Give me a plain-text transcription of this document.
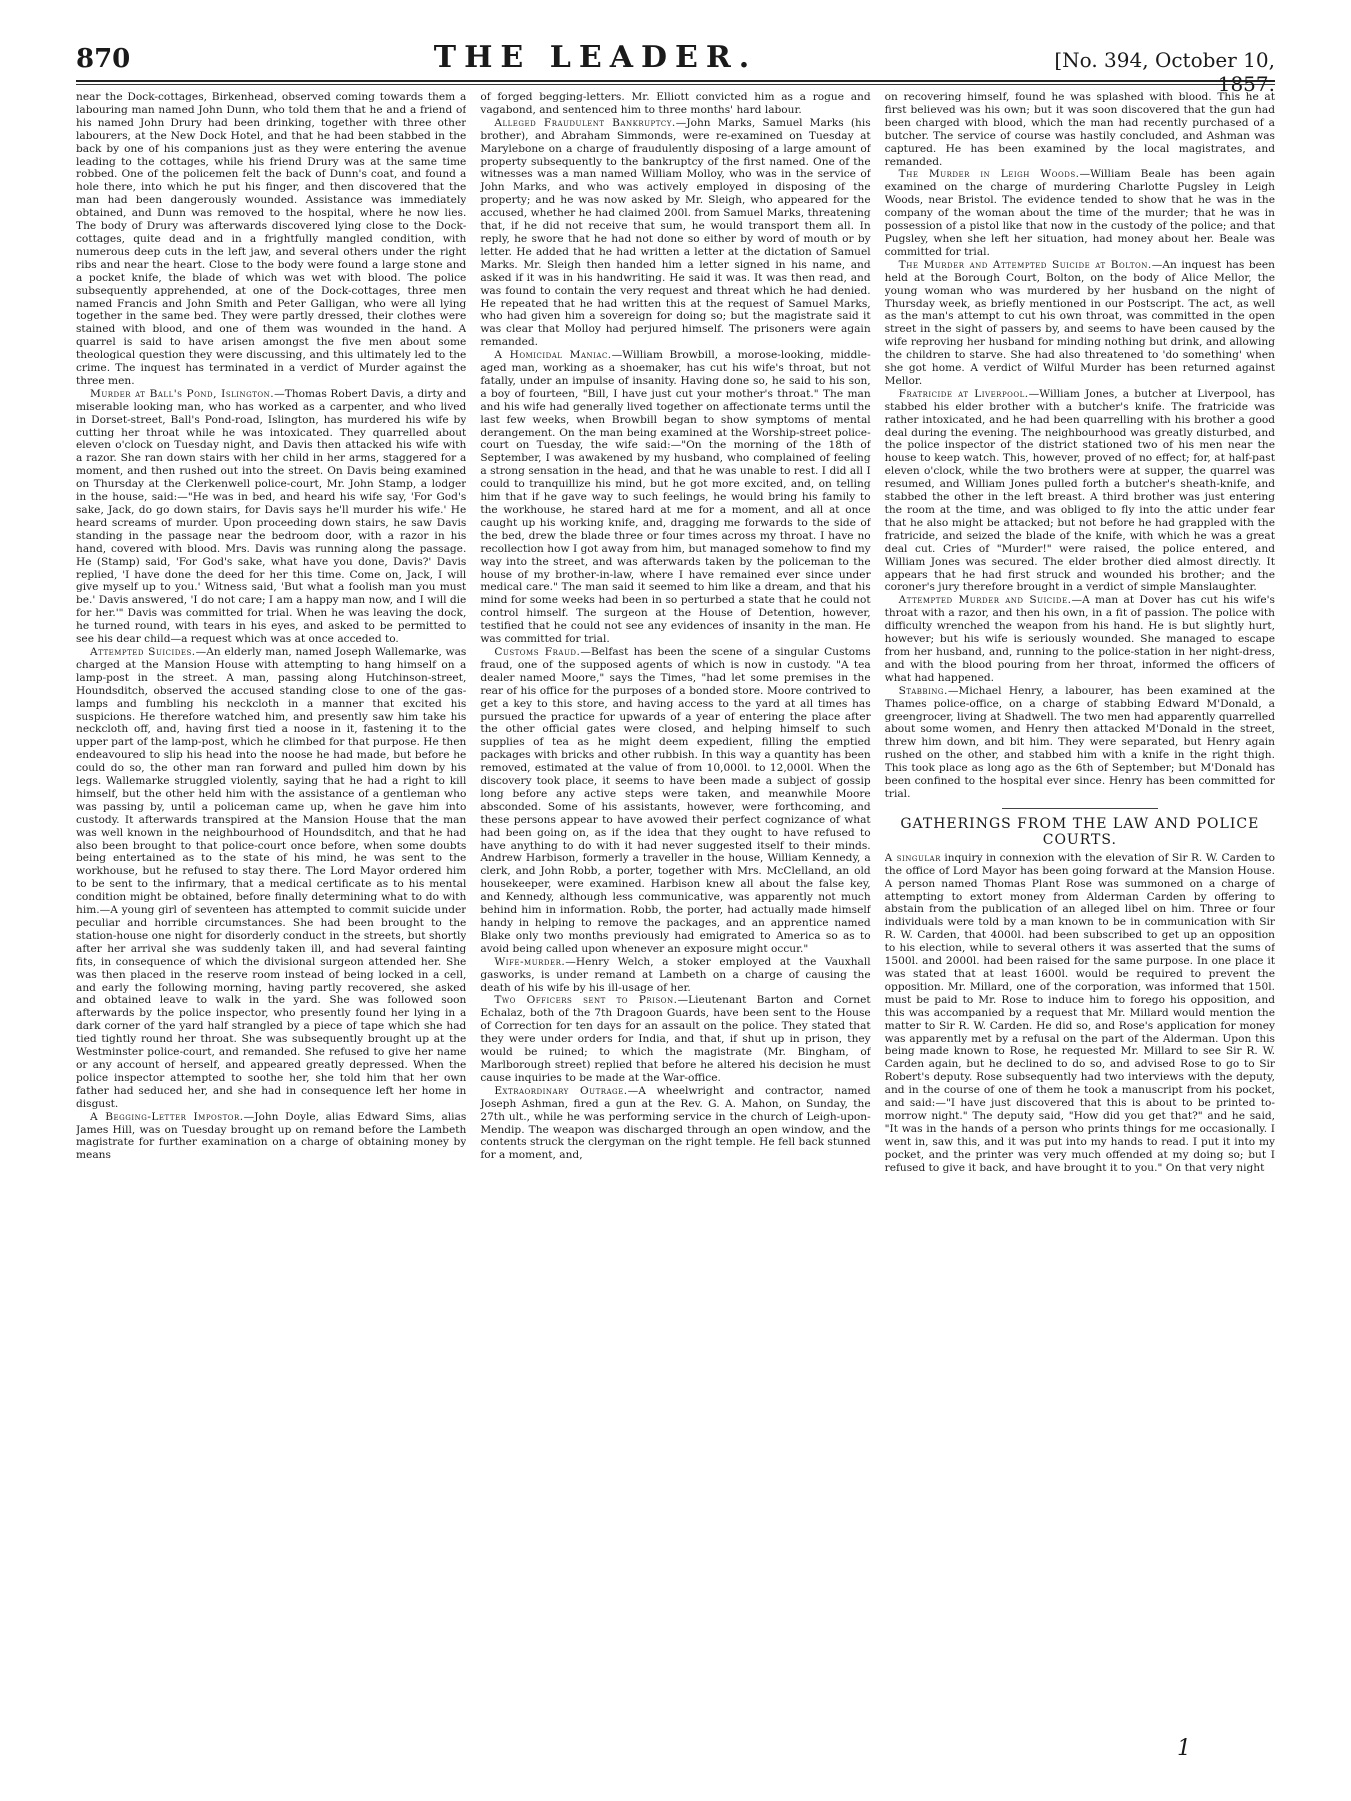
870	THE LEADER.	[No. 394, October 10, 1857.

near the Dock-cottages, Birkenhead, observed coming towards them a labouring man named John Dunn, who told them that he and a friend of his named John Drury had been drinking, together with three other labourers, at the New Dock Hotel, and that he had been stabbed in the back by one of his companions just as they were entering the avenue leading to the cottages, while his friend Drury was at the same time robbed. One of the policemen felt the back of Dunn's coat, and found a hole there, into which he put his finger, and then discovered that the man had been dangerously wounded. Assistance was immediately obtained, and Dunn was removed to the hospital, where he now lies. The body of Drury was afterwards discovered lying close to the Dock-cottages, quite dead and in a frightfully mangled condition, with numerous deep cuts in the left jaw, and several others under the right ribs and near the heart. Close to the body were found a large stone and a pocket knife, the blade of which was wet with blood. The police subsequently apprehended, at one of the Dock-cottages, three men named Francis and John Smith and Peter Galligan, who were all lying together in the same bed. They were partly dressed, their clothes were stained with blood, and one of them was wounded in the hand. A quarrel is said to have arisen amongst the five men about some theological question they were discussing, and this ultimately led to the crime. The inquest has terminated in a verdict of Murder against the three men.

Murder at Ball's Pond, Islington.—Thomas Robert Davis, a dirty and miserable looking man, who has worked as a carpenter, and who lived in Dorset-street, Ball's Pond-road, Islington, has murdered his wife by cutting her throat while he was intoxicated. They quarrelled about eleven o'clock on Tuesday night, and Davis then attacked his wife with a razor. She ran down stairs with her child in her arms, staggered for a moment, and then rushed out into the street. On Davis being examined on Thursday at the Clerkenwell police-court, Mr. John Stamp, a lodger in the house, said:—"He was in bed, and heard his wife say, 'For God's sake, Jack, do go down stairs, for Davis says he'll murder his wife.' He heard screams of murder. Upon proceeding down stairs, he saw Davis standing in the passage near the bedroom door, with a razor in his hand, covered with blood. Mrs. Davis was running along the passage. He (Stamp) said, 'For God's sake, what have you done, Davis?' Davis replied, 'I have done the deed for her this time. Come on, Jack, I will give myself up to you.' Witness said, 'But what a foolish man you must be.' Davis answered, 'I do not care; I am a happy man now, and I will die for her.'" Davis was committed for trial. When he was leaving the dock, he turned round, with tears in his eyes, and asked to be permitted to see his dear child—a request which was at once acceded to.

Attempted Suicides.—An elderly man, named Joseph Wallemarke, was charged at the Mansion House with attempting to hang himself on a lamp-post in the street. A man, passing along Hutchinson-street, Houndsditch, observed the accused standing close to one of the gas-lamps and fumbling his neckcloth in a manner that excited his suspicions. He therefore watched him, and presently saw him take his neckcloth off, and, having first tied a noose in it, fastening it to the upper part of the lamp-post, which he climbed for that purpose. He then endeavoured to slip his head into the noose he had made, but before he could do so, the other man ran forward and pulled him down by his legs. Wallemarke struggled violently, saying that he had a right to kill himself, but the other held him with the assistance of a gentleman who was passing by, until a policeman came up, when he gave him into custody. It afterwards transpired at the Mansion House that the man was well known in the neighbourhood of Houndsditch, and that he had also been brought to that police-court once before, when some doubts being entertained as to the state of his mind, he was sent to the workhouse, but he refused to stay there. The Lord Mayor ordered him to be sent to the infirmary, that a medical certificate as to his mental condition might be obtained, before finally determining what to do with him.—A young girl of seventeen has attempted to commit suicide under peculiar and horrible circumstances. She had been brought to the station-house one night for disorderly conduct in the streets, but shortly after her arrival she was suddenly taken ill, and had several fainting fits, in consequence of which the divisional surgeon attended her. She was then placed in the reserve room instead of being locked in a cell, and early the following morning, having partly recovered, she asked and obtained leave to walk in the yard. She was followed soon afterwards by the police inspector, who presently found her lying in a dark corner of the yard half strangled by a piece of tape which she had tied tightly round her throat. She was subsequently brought up at the Westminster police-court, and remanded. She refused to give her name or any account of herself, and appeared greatly depressed. When the police inspector attempted to soothe her, she told him that her own father had seduced her, and she had in consequence left her home in disgust.

A Begging-Letter Impostor.—John Doyle, alias Edward Sims, alias James Hill, was on Tuesday brought up on remand before the Lambeth magistrate for further examination on a charge of obtaining money by means

of forged begging-letters. Mr. Elliott convicted him as a rogue and vagabond, and sentenced him to three months' hard labour.

Alleged Fraudulent Bankruptcy.—John Marks, Samuel Marks (his brother), and Abraham Simmonds, were re-examined on Tuesday at Marylebone on a charge of fraudulently disposing of a large amount of property subsequently to the bankruptcy of the first named. One of the witnesses was a man named William Molloy, who was in the service of John Marks, and who was actively employed in disposing of the property; and he was now asked by Mr. Sleigh, who appeared for the accused, whether he had claimed 200l. from Samuel Marks, threatening that, if he did not receive that sum, he would transport them all. In reply, he swore that he had not done so either by word of mouth or by letter. He added that he had written a letter at the dictation of Samuel Marks. Mr. Sleigh then handed him a letter signed in his name, and asked if it was in his handwriting. He said it was. It was then read, and was found to contain the very request and threat which he had denied. He repeated that he had written this at the request of Samuel Marks, who had given him a sovereign for doing so; but the magistrate said it was clear that Molloy had perjured himself. The prisoners were again remanded.

A Homicidal Maniac.—William Browbill, a morose-looking, middle-aged man, working as a shoemaker, has cut his wife's throat, but not fatally, under an impulse of insanity. Having done so, he said to his son, a boy of fourteen, "Bill, I have just cut your mother's throat." The man and his wife had generally lived together on affectionate terms until the last few weeks, when Browbill began to show symptoms of mental derangement. On the man being examined at the Worship-street police-court on Tuesday, the wife said:—"On the morning of the 18th of September, I was awakened by my husband, who complained of feeling a strong sensation in the head, and that he was unable to rest. I did all I could to tranquillize his mind, but he got more excited, and, on telling him that if he gave way to such feelings, he would bring his family to the workhouse, he stared hard at me for a moment, and all at once caught up his working knife, and, dragging me forwards to the side of the bed, drew the blade three or four times across my throat. I have no recollection how I got away from him, but managed somehow to find my way into the street, and was afterwards taken by the policeman to the house of my brother-in-law, where I have remained ever since under medical care." The man said it seemed to him like a dream, and that his mind for some weeks had been in so perturbed a state that he could not control himself. The surgeon at the House of Detention, however, testified that he could not see any evidences of insanity in the man. He was committed for trial.

Customs Fraud.—Belfast has been the scene of a singular Customs fraud, one of the supposed agents of which is now in custody. "A tea dealer named Moore," says the Times, "had let some premises in the rear of his office for the purposes of a bonded store. Moore contrived to get a key to this store, and having access to the yard at all times has pursued the practice for upwards of a year of entering the place after the other official gates were closed, and helping himself to such supplies of tea as he might deem expedient, filling the emptied packages with bricks and other rubbish. In this way a quantity has been removed, estimated at the value of from 10,000l. to 12,000l. When the discovery took place, it seems to have been made a subject of gossip long before any active steps were taken, and meanwhile Moore absconded. Some of his assistants, however, were forthcoming, and these persons appear to have avowed their perfect cognizance of what had been going on, as if the idea that they ought to have refused to have anything to do with it had never suggested itself to their minds. Andrew Harbison, formerly a traveller in the house, William Kennedy, a clerk, and John Robb, a porter, together with Mrs. McClelland, an old housekeeper, were examined. Harbison knew all about the false key, and Kennedy, although less communicative, was apparently not much behind him in information. Robb, the porter, had actually made himself handy in helping to remove the packages, and an apprentice named Blake only two months previously had emigrated to America so as to avoid being called upon whenever an exposure might occur."

Wife-murder.—Henry Welch, a stoker employed at the Vauxhall gasworks, is under remand at Lambeth on a charge of causing the death of his wife by his ill-usage of her.

Two Officers sent to Prison.—Lieutenant Barton and Cornet Echalaz, both of the 7th Dragoon Guards, have been sent to the House of Correction for ten days for an assault on the police. They stated that they were under orders for India, and that, if shut up in prison, they would be ruined; to which the magistrate (Mr. Bingham, of Marlborough street) replied that before he altered his decision he must cause inquiries to be made at the War-office.

Extraordinary Outrage.—A wheelwright and contractor, named Joseph Ashman, fired a gun at the Rev. G. A. Mahon, on Sunday, the 27th ult., while he was performing service in the church of Leigh-upon-Mendip. The weapon was discharged through an open window, and the contents struck the clergyman on the right temple. He fell back stunned for a moment, and,

on recovering himself, found he was splashed with blood. This he at first believed was his own; but it was soon discovered that the gun had been charged with blood, which the man had recently purchased of a butcher. The service of course was hastily concluded, and Ashman was captured. He has been examined by the local magistrates, and remanded.

The Murder in Leigh Woods.—William Beale has been again examined on the charge of murdering Charlotte Pugsley in Leigh Woods, near Bristol. The evidence tended to show that he was in the company of the woman about the time of the murder; that he was in possession of a pistol like that now in the custody of the police; and that Pugsley, when she left her situation, had money about her. Beale was committed for trial.

The Murder and Attempted Suicide at Bolton.—An inquest has been held at the Borough Court, Bolton, on the body of Alice Mellor, the young woman who was murdered by her husband on the night of Thursday week, as briefly mentioned in our Postscript. The act, as well as the man's attempt to cut his own throat, was committed in the open street in the sight of passers by, and seems to have been caused by the wife reproving her husband for minding nothing but drink, and allowing the children to starve. She had also threatened to 'do something' when she got home. A verdict of Wilful Murder has been returned against Mellor.

Fratricide at Liverpool.—William Jones, a butcher at Liverpool, has stabbed his elder brother with a butcher's knife. The fratricide was rather intoxicated, and he had been quarrelling with his brother a good deal during the evening. The neighbourhood was greatly disturbed, and the police inspector of the district stationed two of his men near the house to keep watch. This, however, proved of no effect; for, at half-past eleven o'clock, while the two brothers were at supper, the quarrel was resumed, and William Jones pulled forth a butcher's sheath-knife, and stabbed the other in the left breast. A third brother was just entering the room at the time, and was obliged to fly into the attic under fear that he also might be attacked; but not before he had grappled with the fratricide, and seized the blade of the knife, with which he was a great deal cut. Cries of "Murder!" were raised, the police entered, and William Jones was secured. The elder brother died almost directly. It appears that he had first struck and wounded his brother; and the coroner's jury therefore brought in a verdict of simple Manslaughter.

Attempted Murder and Suicide.—A man at Dover has cut his wife's throat with a razor, and then his own, in a fit of passion. The police with difficulty wrenched the weapon from his hand. He is but slightly hurt, however; but his wife is seriously wounded. She managed to escape from her husband, and, running to the police-station in her night-dress, and with the blood pouring from her throat, informed the officers of what had happened.

Stabbing.—Michael Henry, a labourer, has been examined at the Thames police-office, on a charge of stabbing Edward M'Donald, a greengrocer, living at Shadwell. The two men had apparently quarrelled about some women, and Henry then attacked M'Donald in the street, threw him down, and bit him. They were separated, but Henry again rushed on the other, and stabbed him with a knife in the right thigh. This took place as long ago as the 6th of September; but M'Donald has been confined to the hospital ever since. Henry has been committed for trial.

GATHERINGS FROM THE LAW AND POLICE COURTS.

A singular inquiry in connexion with the elevation of Sir R. W. Carden to the office of Lord Mayor has been going forward at the Mansion House. A person named Thomas Plant Rose was summoned on a charge of attempting to extort money from Alderman Carden by offering to abstain from the publication of an alleged libel on him. Three or four individuals were told by a man known to be in communication with Sir R. W. Carden, that 4000l. had been subscribed to get up an opposition to his election, while to several others it was asserted that the sums of 1500l. and 2000l. had been raised for the same purpose. In one place it was stated that at least 1600l. would be required to prevent the opposition. Mr. Millard, one of the corporation, was informed that 150l. must be paid to Mr. Rose to induce him to forego his opposition, and this was accompanied by a request that Mr. Millard would mention the matter to Sir R. W. Carden. He did so, and Rose's application for money was apparently met by a refusal on the part of the Alderman. Upon this being made known to Rose, he requested Mr. Millard to see Sir R. W. Carden again, but he declined to do so, and advised Rose to go to Sir Robert's deputy. Rose subsequently had two interviews with the deputy, and in the course of one of them he took a manuscript from his pocket, and said:—"I have just discovered that this is about to be printed to-morrow night." The deputy said, "How did you get that?" and he said, "It was in the hands of a person who prints things for me occasionally. I went in, saw this, and it was put into my hands to read. I put it into my pocket, and the printer was very much offended at my doing so; but I refused to give it back, and have brought it to you." On that very night

1
